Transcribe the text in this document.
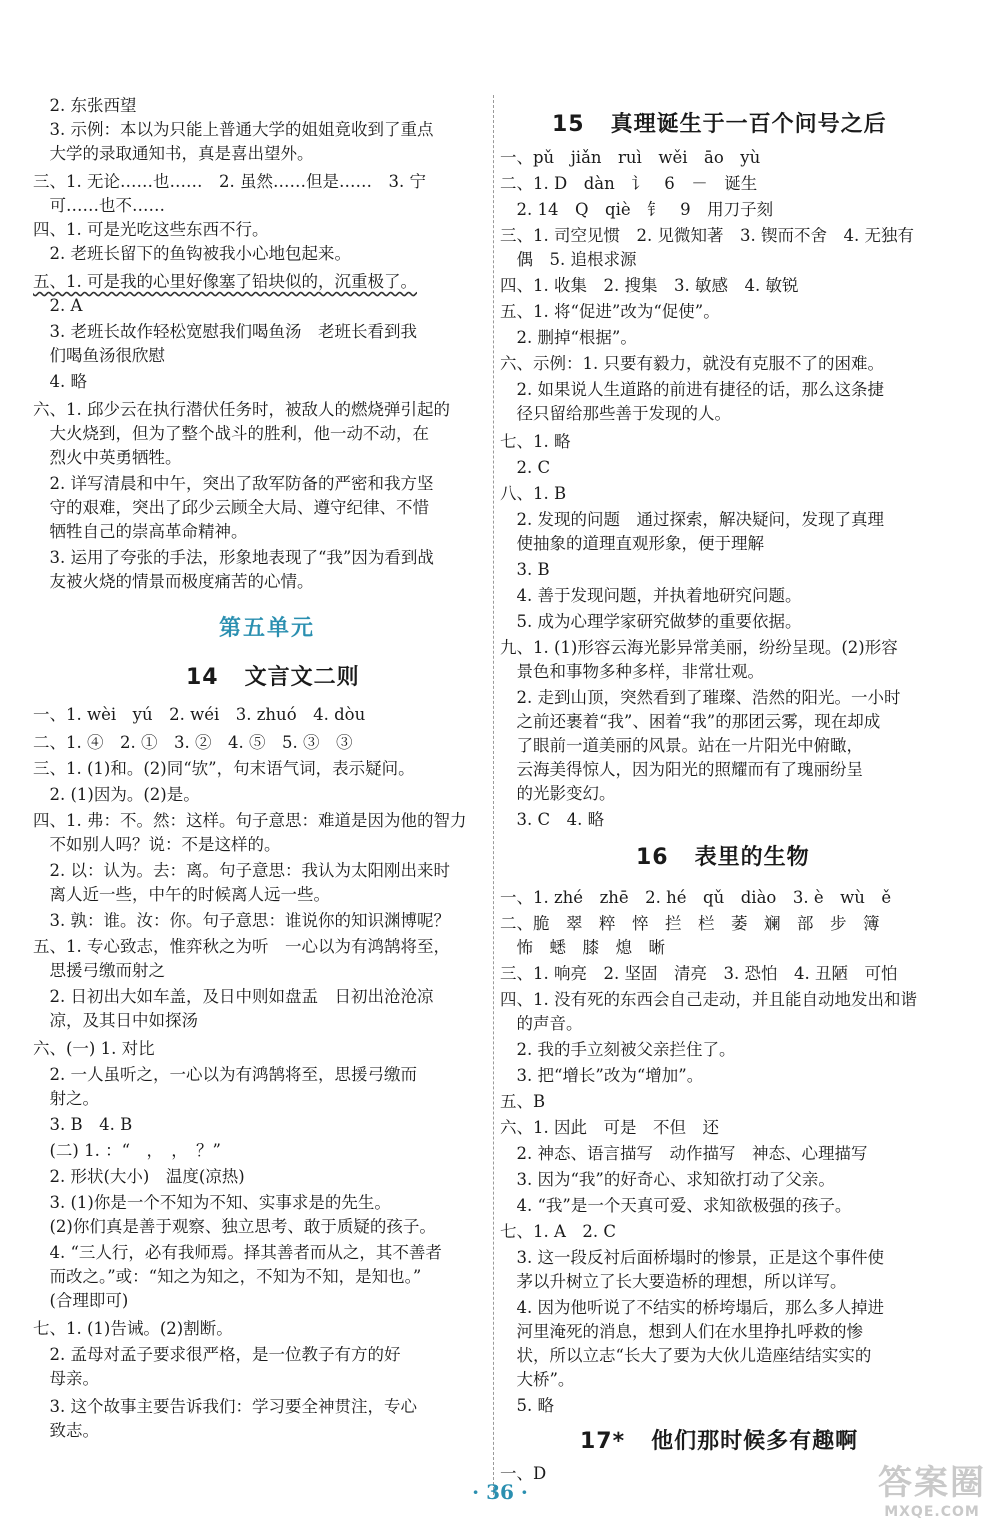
第五单元
14 文言文二则
　2. 东张西望
　3. 示例：本以为只能上普通大学的姐姐竟收到了重点
　大学的录取通知书，真是喜出望外。
三、1. 无论……也……　2. 虽然……但是……　3. 宁
　可……也不……
四、1. 可是光吃这些东西不行。
　2. 老班长留下的鱼钩被我小心地包起来。
五、1. 可是我的心里好像塞了铅块似的，沉重极了。
　2. A
　3. 老班长故作轻松宽慰我们喝鱼汤　老班长看到我
　们喝鱼汤很欣慰
　4. 略
六、1. 邱少云在执行潜伏任务时，被敌人的燃烧弹引起的
　大火烧到，但为了整个战斗的胜利，他一动不动，在
　烈火中英勇牺牲。
　2. 详写清晨和中午，突出了敌军防备的严密和我方坚
　守的艰难，突出了邱少云顾全大局、遵守纪律、不惜
　牺牲自己的崇高革命精神。
　3. 运用了夸张的手法，形象地表现了“我”因为看到战
　友被火烧的情景而极度痛苦的心情。
一、1. wèi　yú　2. wéi　3. zhuó　4. dòu
二、1. ④　2. ①　3. ②　4. ⑤　5. ③　③
三、1. (1)和。(2)同“欤”，句末语气词，表示疑问。
　2. (1)因为。(2)是。
四、1. 弗：不。然：这样。句子意思：难道是因为他的智力
　不如别人吗？说：不是这样的。
　2. 以：认为。去：离。句子意思：我认为太阳刚出来时
　离人近一些，中午的时候离人远一些。
　3. 孰：谁。汝：你。句子意思：谁说你的知识渊博呢？
五、1. 专心致志，惟弈秋之为听　一心以为有鸿鹄将至，
　思援弓缴而射之
　2. 日初出大如车盖，及日中则如盘盂　日初出沧沧凉
　凉，及其日中如探汤
六、(一) 1. 对比
　2. 一人虽听之，一心以为有鸿鹄将至，思援弓缴而
　射之。
　3. B　4. B
　(二) 1. ：“　，　，　？”
　2. 形状(大小)　温度(凉热)
　3. (1)你是一个不知为不知、实事求是的先生。
　(2)你们真是善于观察、独立思考、敢于质疑的孩子。
　4. “三人行，必有我师焉。择其善者而从之，其不善者
　而改之。”或：“知之为知之，不知为不知，是知也。”
　(合理即可)
七、1. (1)告诫。(2)割断。
　2. 孟母对孟子要求很严格，是一位教子有方的好
　母亲。
　3. 这个故事主要告诉我们：学习要全神贯注，专心
　致志。
15 真理诞生于一百个问号之后
16 表里的生物
17* 他们那时候多有趣啊
一、pǔ　jiǎn　ruì　wěi　āo　yù
二、1. D　dàn　讠　6　－　诞生
　2. 14　Q　qiè　钅　9　用刀子刻
三、1. 司空见惯　2. 见微知著　3. 锲而不舍　4. 无独有
　偶　5. 追根求源
四、1. 收集　2. 搜集　3. 敏感　4. 敏锐
五、1. 将“促进”改为“促使”。
　2. 删掉“根据”。
六、示例：1. 只要有毅力，就没有克服不了的困难。
　2. 如果说人生道路的前进有捷径的话，那么这条捷
　径只留给那些善于发现的人。
七、1. 略
　2. C
八、1. B
　2. 发现的问题　通过探索，解决疑问，发现了真理
　使抽象的道理直观形象，便于理解
　3. B
　4. 善于发现问题，并执着地研究问题。
　5. 成为心理学家研究做梦的重要依据。
九、1. (1)形容云海光影异常美丽，纷纷呈现。(2)形容
　景色和事物多种多样，非常壮观。
　2. 走到山顶，突然看到了璀璨、浩然的阳光。一小时
　之前还裹着“我”、困着“我”的那团云雾，现在却成
　了眼前一道美丽的风景。站在一片阳光中俯瞰，
　云海美得惊人，因为阳光的照耀而有了瑰丽纷呈
　的光影变幻。
　3. C　4. 略
一、1. zhé　zhē　2. hé　qǔ　diào　3. è　wù　ě
二、脆　翠　粹　悴　拦　栏　萎　斓　部　步　簿
　怖　蟋　膝　熄　晰
三、1. 响亮　2. 坚固　清亮　3. 恐怕　4. 丑陋　可怕
四、1. 没有死的东西会自己走动，并且能自动地发出和谐
　的声音。
　2. 我的手立刻被父亲拦住了。
　3. 把“增长”改为“增加”。
五、B
六、1. 因此　可是　不但　还
　2. 神态、语言描写　动作描写　神态、心理描写
　3. 因为“我”的好奇心、求知欲打动了父亲。
　4. “我”是一个天真可爱、求知欲极强的孩子。
七、1. A　2. C
　3. 这一段反衬后面桥塌时的惨景，正是这个事件使
　茅以升树立了长大要造桥的理想，所以详写。
　4. 因为他听说了不结实的桥垮塌后，那么多人掉进
　河里淹死的消息，想到人们在水里挣扎呼救的惨
　状，所以立志“长大了要为大伙儿造座结结实实的
　大桥”。
　5. 略
一、D
· 36 ·	答案圈
MXQE.COM
